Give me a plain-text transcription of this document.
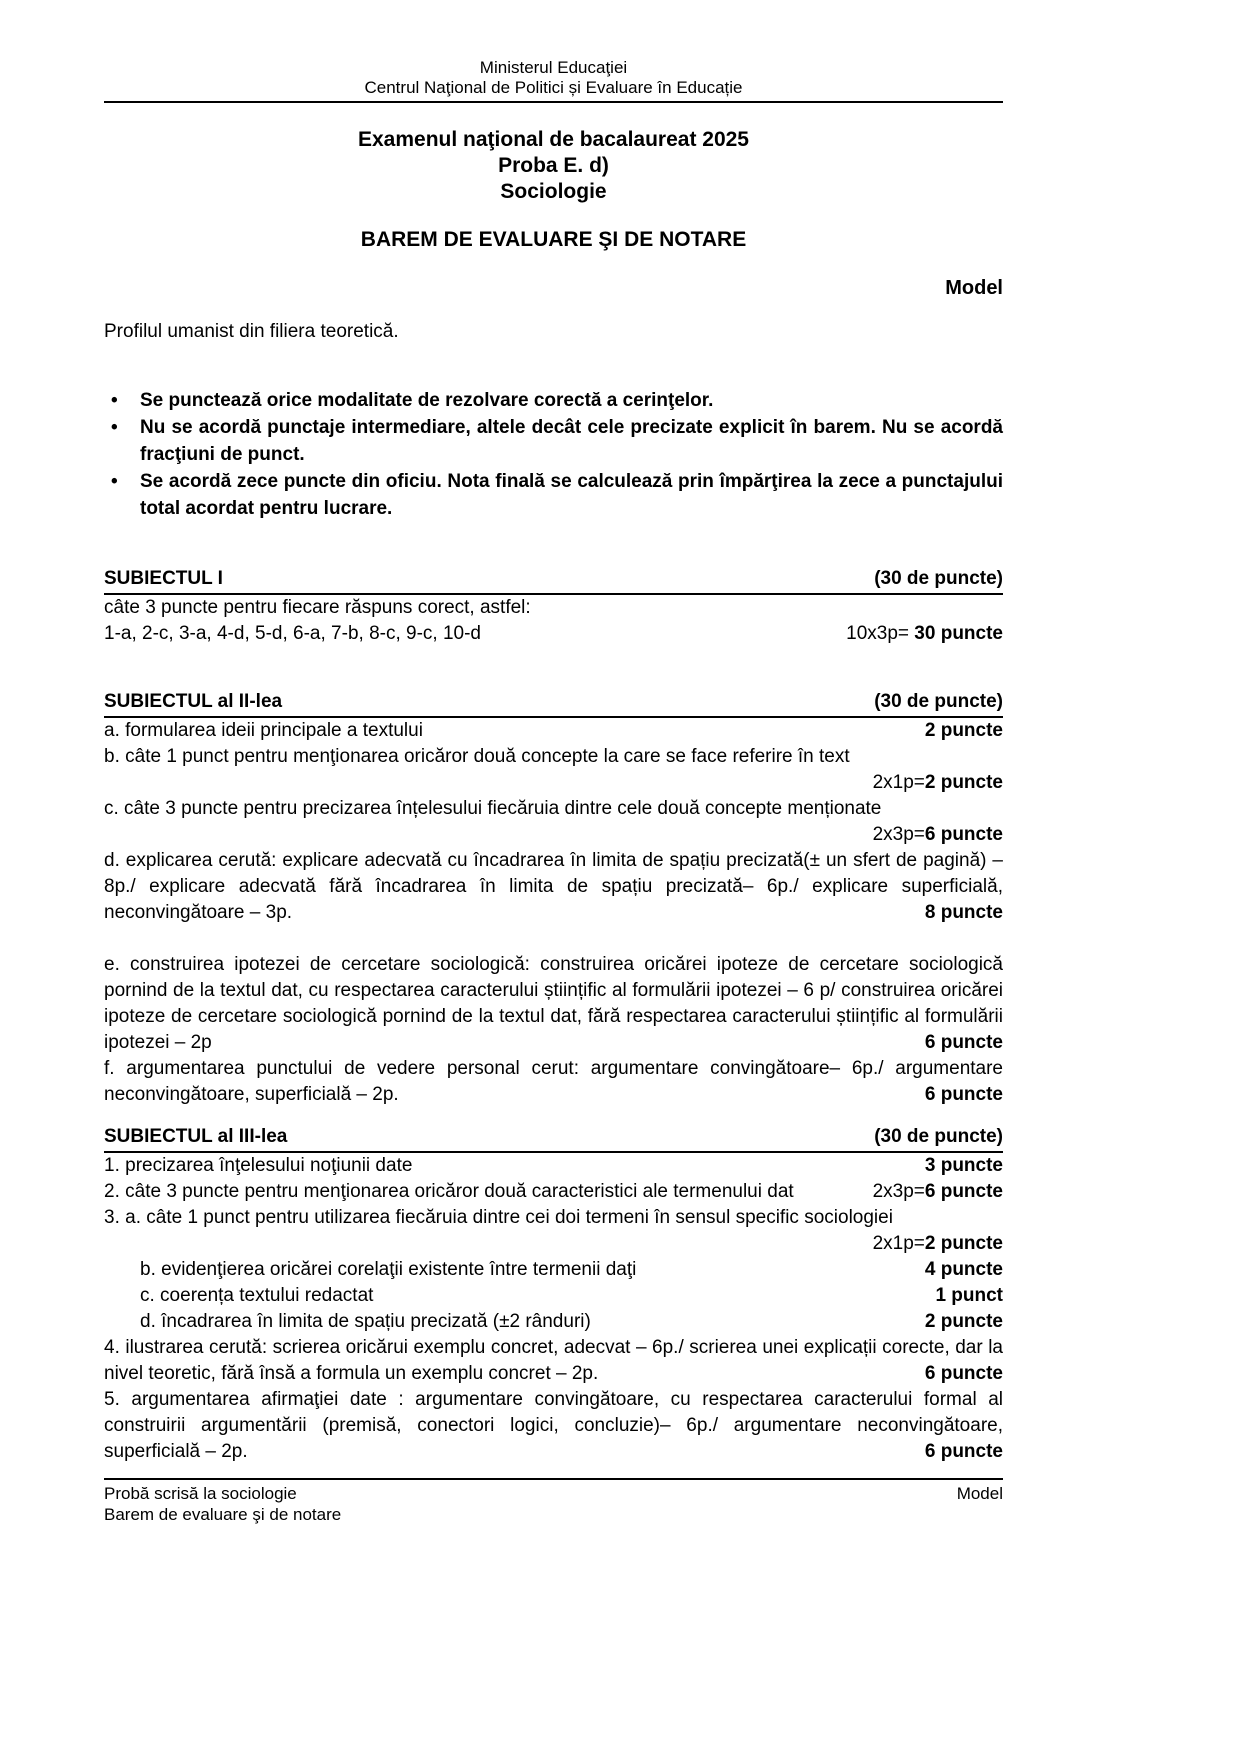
Ministerul Educaţiei
Centrul Naţional de Politici și Evaluare în Educație
Examenul naţional de bacalaureat 2025
Proba E. d)
Sociologie
BAREM DE EVALUARE ŞI DE NOTARE
Model
Profilul umanist din filiera teoretică.
• Se punctează orice modalitate de rezolvare corectă a cerinţelor.
• Nu se acordă punctaje intermediare, altele decât cele precizate explicit în barem. Nu se acordă fracţiuni de punct.
• Se acordă zece puncte din oficiu. Nota finală se calculează prin împărţirea la zece a punctajului total acordat pentru lucrare.
SUBIECTUL I	(30 de puncte)
câte 3 puncte pentru fiecare răspuns corect, astfel:
1-a, 2-c, 3-a, 4-d, 5-d, 6-a, 7-b, 8-c, 9-c, 10-d	10x3p= 30 puncte
SUBIECTUL al II-lea	(30 de puncte)
a. formularea ideii principale a textului	2 puncte
b. câte 1 punct pentru menţionarea oricăror două concepte la care se face referire în text
2x1p=2 puncte
c. câte 3 puncte pentru precizarea înțelesului fiecăruia dintre cele două concepte menționate
2x3p=6 puncte
d. explicarea cerută: explicare adecvată cu încadrarea în limita de spațiu precizată(± un sfert de pagină) – 8p./ explicare adecvată fără încadrarea în limita de spațiu precizată– 6p./ explicare superficială, neconvingătoare – 3p.	8 puncte
e. construirea ipotezei de cercetare sociologică: construirea oricărei ipoteze de cercetare sociologică pornind de la textul dat, cu respectarea caracterului științific al formulării ipotezei – 6 p/ construirea oricărei ipoteze de cercetare sociologică pornind de la textul dat, fără respectarea caracterului științific al formulării ipotezei – 2p	6 puncte
f. argumentarea punctului de vedere personal cerut: argumentare convingătoare– 6p./ argumentare neconvingătoare, superficială – 2p.	6 puncte
SUBIECTUL al III-lea	(30 de puncte)
1. precizarea înţelesului noţiunii date	3 puncte
2. câte 3 puncte pentru menţionarea oricăror două caracteristici ale termenului dat	2x3p=6 puncte
3. a. câte 1 punct pentru utilizarea fiecăruia dintre cei doi termeni în sensul specific sociologiei
2x1p=2 puncte
b. evidenţierea oricărei corelaţii existente între termenii daţi	4 puncte
c. coerența textului redactat	1 punct
d. încadrarea în limita de spațiu precizată (±2 rânduri)	2 puncte
4. ilustrarea cerută: scrierea oricărui exemplu concret, adecvat – 6p./ scrierea unei explicații corecte, dar la nivel teoretic, fără însă a formula un exemplu concret – 2p.	6 puncte
5. argumentarea afirmaţiei date : argumentare convingătoare, cu respectarea caracterului formal al construirii argumentării (premisă, conectori logici, concluzie)– 6p./ argumentare neconvingătoare, superficială – 2p.	6 puncte
Probă scrisă la sociologie	Model
Barem de evaluare şi de notare
